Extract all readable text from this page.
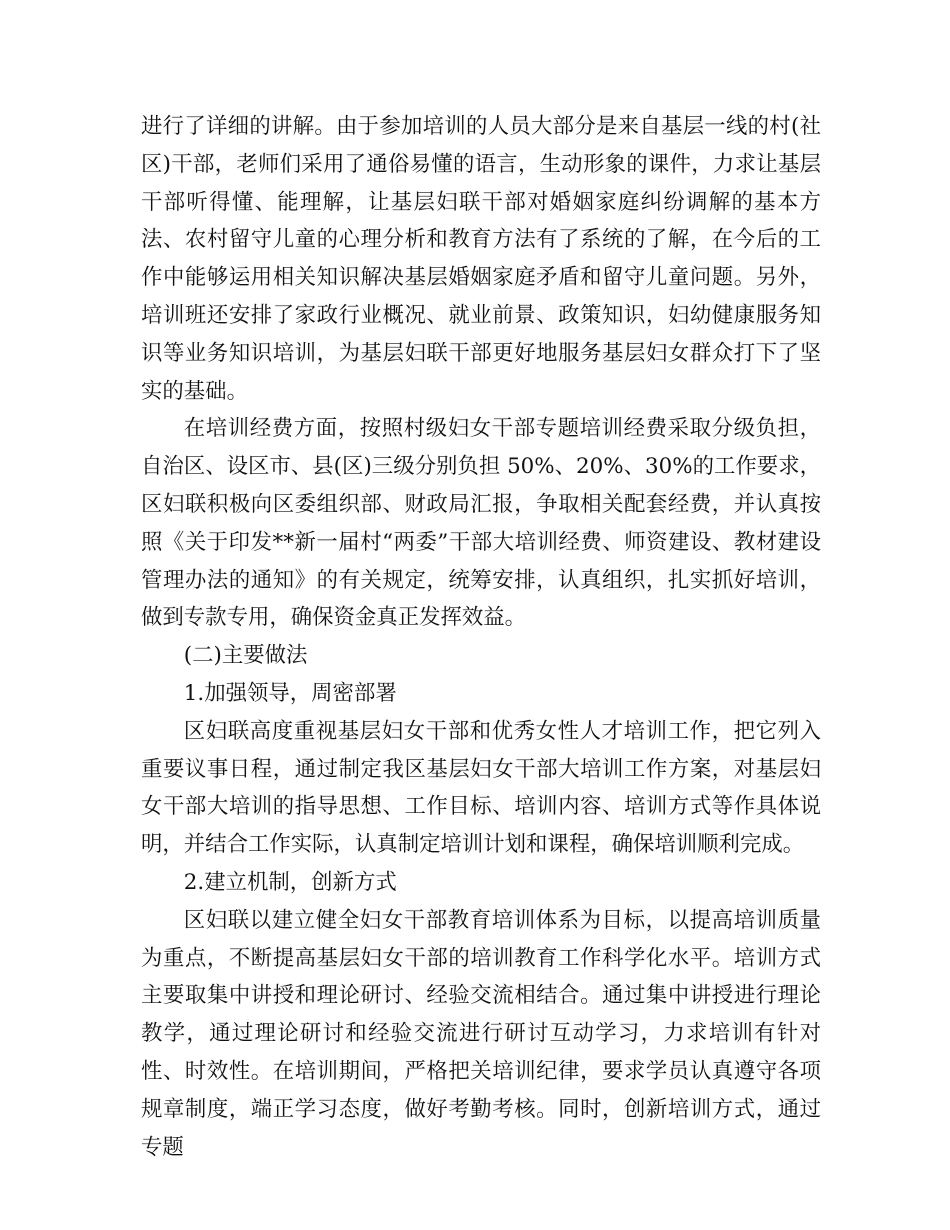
进行了详细的讲解。由于参加培训的人员大部分是来自基层一线的村(社区)干部，老师们采用了通俗易懂的语言，生动形象的课件，力求让基层干部听得懂、能理解，让基层妇联干部对婚姻家庭纠纷调解的基本方法、农村留守儿童的心理分析和教育方法有了系统的了解，在今后的工作中能够运用相关知识解决基层婚姻家庭矛盾和留守儿童问题。另外，培训班还安排了家政行业概况、就业前景、政策知识，妇幼健康服务知识等业务知识培训，为基层妇联干部更好地服务基层妇女群众打下了坚实的基础。

在培训经费方面，按照村级妇女干部专题培训经费采取分级负担，自治区、设区市、县(区)三级分别负担 50%、20%、30%的工作要求，区妇联积极向区委组织部、财政局汇报，争取相关配套经费，并认真按照《关于印发**新一届村“两委”干部大培训经费、师资建设、教材建设管理办法的通知》的有关规定，统筹安排，认真组织，扎实抓好培训，做到专款专用，确保资金真正发挥效益。

(二)主要做法

1.加强领导，周密部署

区妇联高度重视基层妇女干部和优秀女性人才培训工作，把它列入重要议事日程，通过制定我区基层妇女干部大培训工作方案，对基层妇女干部大培训的指导思想、工作目标、培训内容、培训方式等作具体说明，并结合工作实际，认真制定培训计划和课程，确保培训顺利完成。

2.建立机制，创新方式

区妇联以建立健全妇女干部教育培训体系为目标，以提高培训质量为重点，不断提高基层妇女干部的培训教育工作科学化水平。培训方式主要取集中讲授和理论研讨、经验交流相结合。通过集中讲授进行理论教学，通过理论研讨和经验交流进行研讨互动学习，力求培训有针对性、时效性。在培训期间，严格把关培训纪律，要求学员认真遵守各项规章制度，端正学习态度，做好考勤考核。同时，创新培训方式，通过专题
